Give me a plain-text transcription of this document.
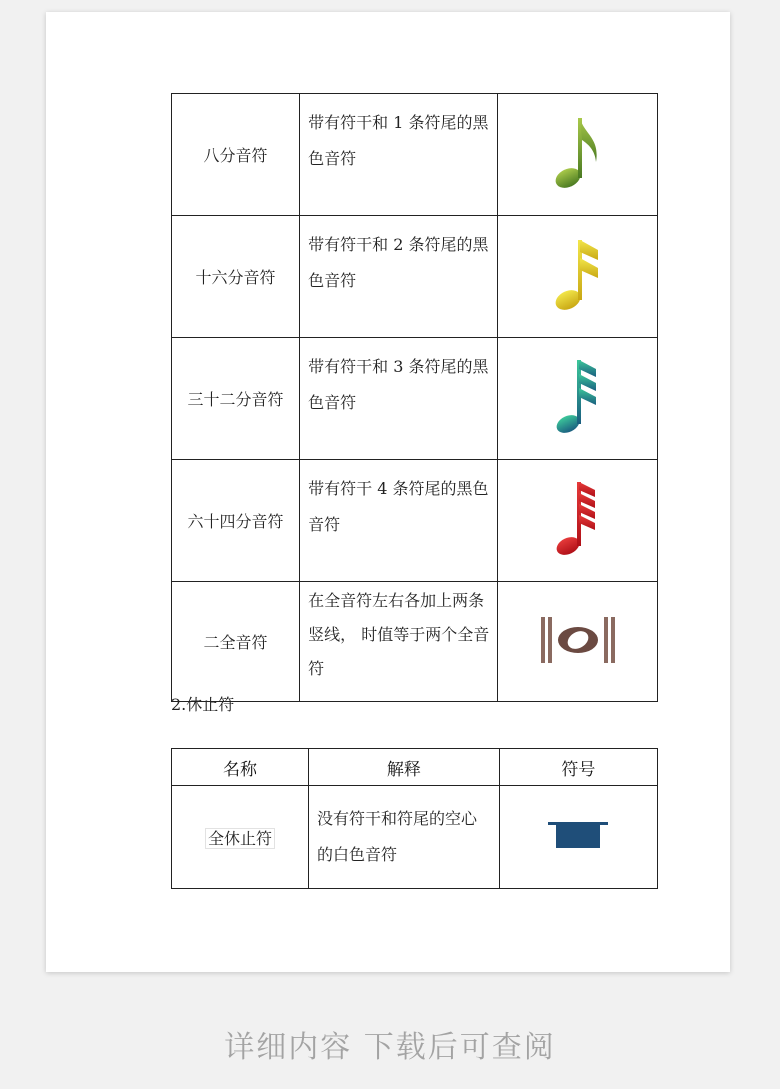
八分音符	带有符干和 1 条符尾的黑色音符

十六分音符	带有符干和 2 条符尾的黑色音符

三十二分音符	带有符干和 3 条符尾的黑色音符

六十四分音符	带有符干 4 条符尾的黑色音符

二全音符	在全音符左右各加上两条竖线， 时值等于两个全音符

2.休止符
名称	解释	符号
全休止符	没有符干和符尾的空心的白色音符	
详细内容 下载后可查阅
